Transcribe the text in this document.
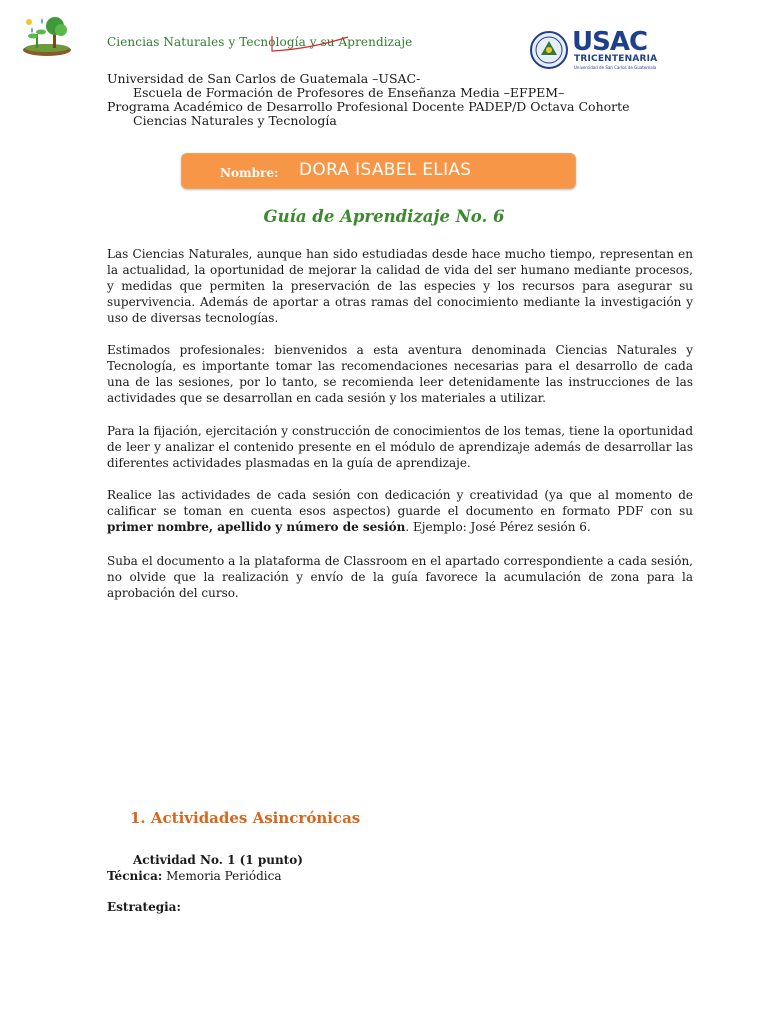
Ciencias Naturales y Tecnología y su Aprendizaje	USAC
TRICENTENARIA
Universidad de San Carlos de Guatemala
Universidad de San Carlos de Guatemala –USAC-
Escuela de Formación de Profesores de Enseñanza Media –EFPEM–
Programa Académico de Desarrollo Profesional Docente PADEP/D Octava Cohorte
Ciencias Naturales y Tecnología
Nombre: DORA ISABEL ELIAS
Guía de Aprendizaje No. 6
Las Ciencias Naturales, aunque han sido estudiadas desde hace mucho tiempo, representan en la actualidad, la oportunidad de mejorar la calidad de vida del ser humano mediante procesos, y medidas que permiten la preservación de las especies y los recursos para asegurar su supervivencia. Además de aportar a otras ramas del conocimiento mediante la investigación y uso de diversas tecnologías.
Estimados profesionales: bienvenidos a esta aventura denominada Ciencias Naturales y Tecnología, es importante tomar las recomendaciones necesarias para el desarrollo de cada una de las sesiones, por lo tanto, se recomienda leer detenidamente las instrucciones de las actividades que se desarrollan en cada sesión y los materiales a utilizar.
Para la fijación, ejercitación y construcción de conocimientos de los temas, tiene la oportunidad de leer y analizar el contenido presente en el módulo de aprendizaje además de desarrollar las diferentes actividades plasmadas en la guía de aprendizaje.
Realice las actividades de cada sesión con dedicación y creatividad (ya que al momento de calificar se toman en cuenta esos aspectos) guarde el documento en formato PDF con su primer nombre, apellido y número de sesión. Ejemplo: José Pérez sesión 6.
Suba el documento a la plataforma de Classroom en el apartado correspondiente a cada sesión, no olvide que la realización y envío de la guía favorece la acumulación de zona para la aprobación del curso.
1. Actividades Asincrónicas
Actividad No. 1 (1 punto)
Técnica: Memoria Periódica
Estrategia:
